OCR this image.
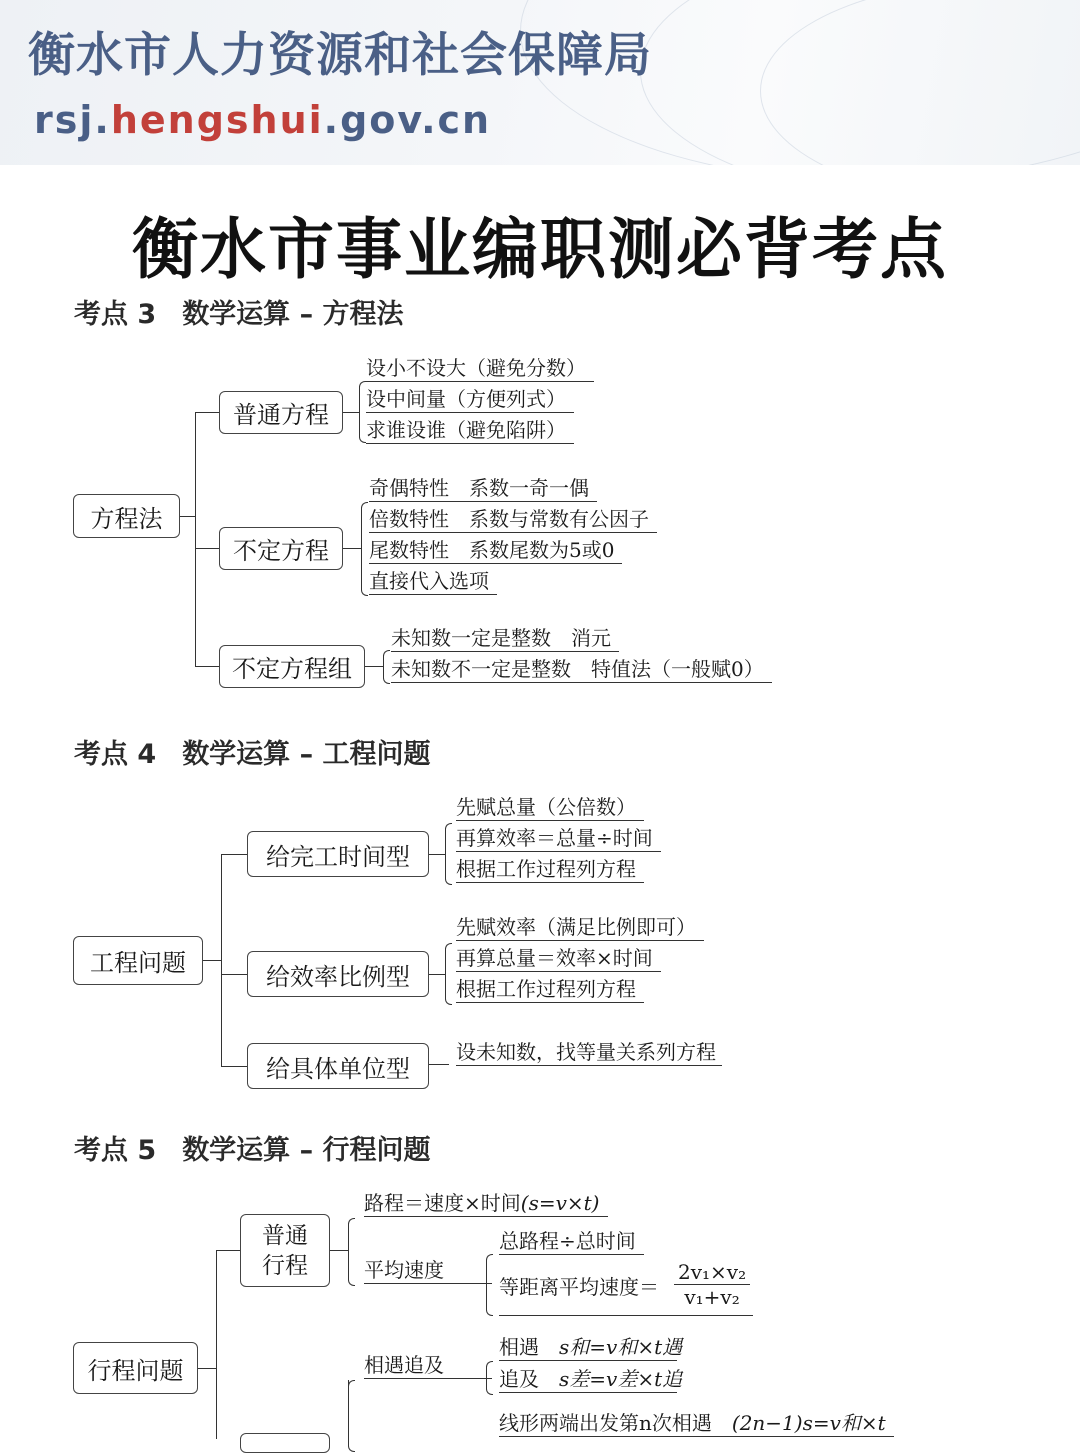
衡水市人力资源和社会保障局
rsj.hengshui.gov.cn
衡水市事业编职测必背考点
考点 3 数学运算 – 方程法
方程法
普通方程
设小不设大（避免分数）
设中间量（方便列式）
求谁设谁（避免陷阱）
不定方程
奇偶特性　系数一奇一偶
倍数特性　系数与常数有公因子
尾数特性　系数尾数为5或0
直接代入选项
不定方程组
未知数一定是整数　消元
未知数不一定是整数　特值法（一般赋0）
考点 4 数学运算 – 工程问题
工程问题
给完工时间型
先赋总量（公倍数）
再算效率＝总量÷时间
根据工作过程列方程
给效率比例型
先赋效率（满足比例即可）
再算总量＝效率×时间
根据工作过程列方程
给具体单位型
设未知数，找等量关系列方程
考点 5 数学运算 – 行程问题
行程问题
普通行程
路程＝速度×时间(s=v×t)
平均速度
总路程÷总时间
等距离平均速度＝ $\frac{\text{2v₁×v₂}}{\text{v₁+v₂}}$
相遇追及
相遇　 s和=v和×t遇
追及　 s差=v差×t追
线形两端出发第n次相遇　 (2n−1)s=v和×t
